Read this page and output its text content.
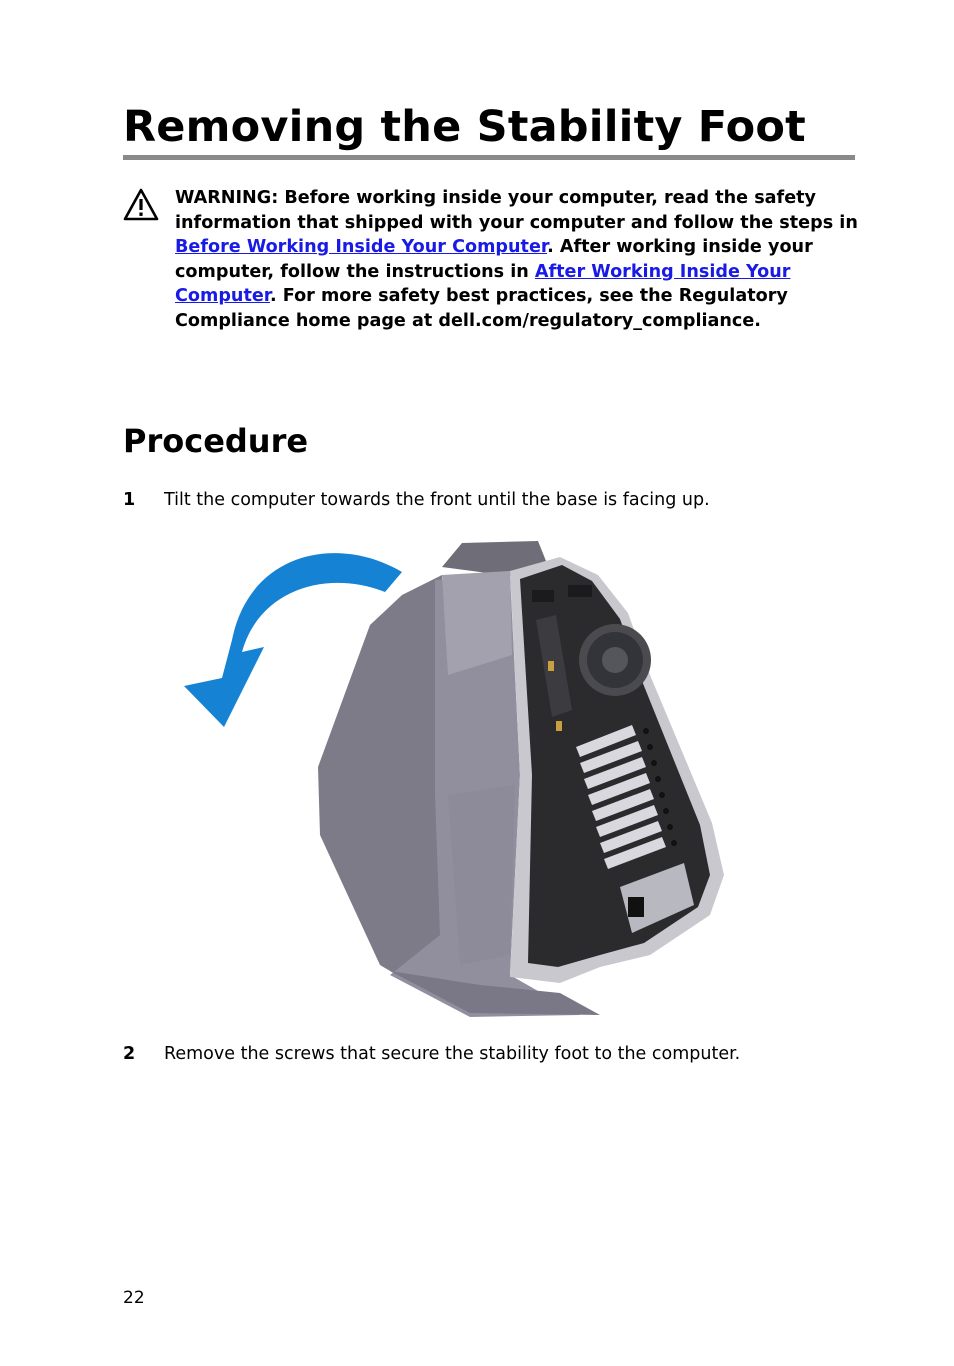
Removing the Stability Foot
WARNING: Before working inside your computer, read the safety information that shipped with your computer and follow the steps in Before Working Inside Your Computer. After working inside your computer, follow the instructions in After Working Inside Your Computer. For more safety best practices, see the Regulatory Compliance home page at dell.com/regulatory_compliance.
Procedure
1 Tilt the computer towards the front until the base is facing up.
2 Remove the screws that secure the stability foot to the computer.
22
